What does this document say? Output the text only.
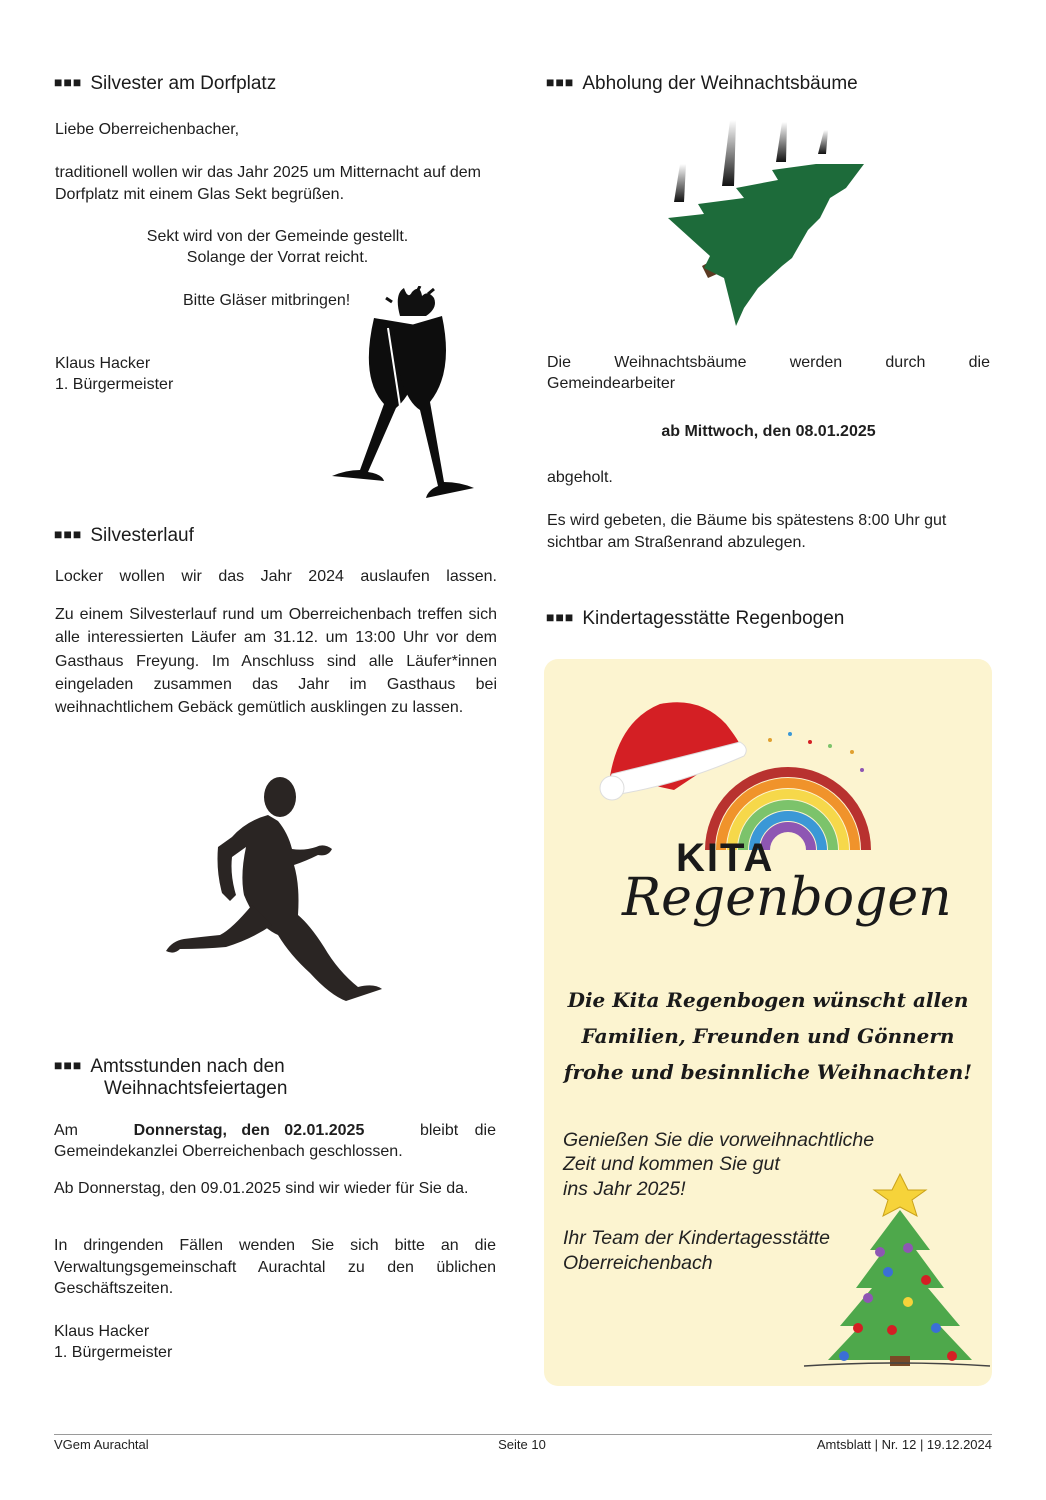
■■■ Silvester am Dorfplatz
Liebe Oberreichenbacher,
traditionell wollen wir das Jahr 2025 um Mitternacht auf dem Dorfplatz mit einem Glas Sekt begrüßen.
Sekt wird von der Gemeinde gestellt.
Solange der Vorrat reicht.
Bitte Gläser mitbringen!
Klaus Hacker
1. Bürgermeister
■■■ Silvesterlauf
Locker wollen wir das Jahr 2024 auslaufen lassen.
Zu einem Silvesterlauf rund um Oberreichenbach treffen sich alle interessierten Läufer am 31.12. um 13:00 Uhr vor dem Gasthaus Freyung. Im Anschluss sind alle Läufer*innen eingeladen zusammen das Jahr im Gasthaus bei weihnachtlichem Gebäck gemütlich ausklingen zu lassen.
■■■ Amtsstunden nach den
Weihnachtsfeiertagen
Am	Donnerstag, den 02.01.2025	bleibt die
Gemeindekanzlei Oberreichenbach geschlossen.
Ab Donnerstag, den 09.01.2025 sind wir wieder für Sie da.
In dringenden Fällen wenden Sie sich bitte an die Verwaltungsgemeinschaft Aurachtal zu den üblichen Geschäftszeiten.
Klaus Hacker
1. Bürgermeister
■■■ Abholung der Weihnachtsbäume
Die	Weihnachtsbäume	werden	durch	die
Gemeindearbeiter
ab Mittwoch, den 08.01.2025
abgeholt.
Es wird gebeten, die Bäume bis spätestens 8:00 Uhr gut sichtbar am Straßenrand abzulegen.
■■■ Kindertagesstätte Regenbogen
KITA
Regenbogen
Die Kita Regenbogen wünscht allen
Familien, Freunden und Gönnern
frohe und besinnliche Weihnachten!
Genießen Sie die vorweihnachtliche
Zeit und kommen Sie gut
ins Jahr 2025!
Ihr Team der Kindertagesstätte
Oberreichenbach
VGem Aurachtal	Seite 10	Amtsblatt | Nr. 12 | 19.12.2024
